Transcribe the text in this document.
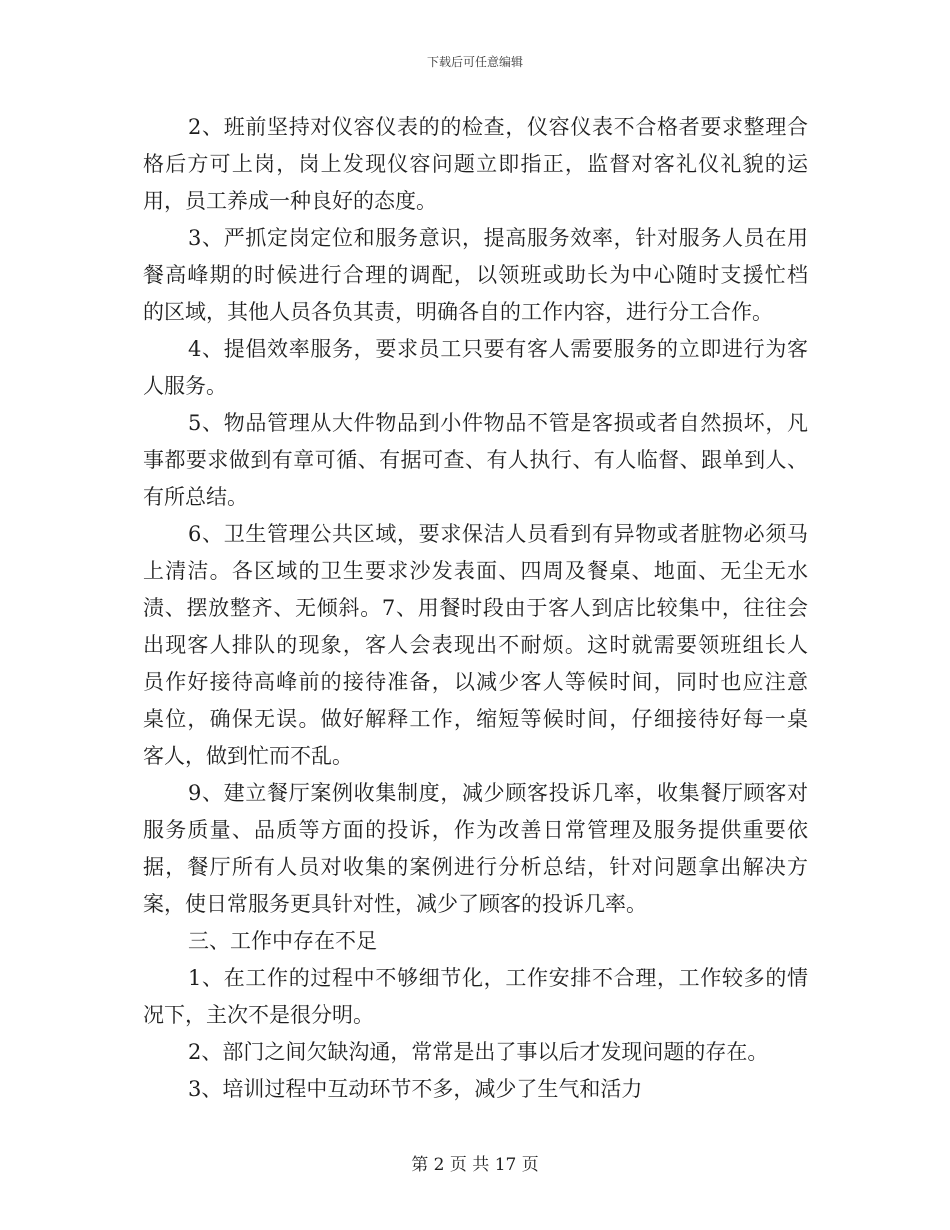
下载后可任意编辑
2、班前坚持对仪容仪表的的检查，仪容仪表不合格者要求整理合
格后方可上岗，岗上发现仪容问题立即指正，监督对客礼仪礼貌的运
用，员工养成一种良好的态度。
3、严抓定岗定位和服务意识，提高服务效率，针对服务人员在用
餐高峰期的时候进行合理的调配，以领班或助长为中心随时支援忙档
的区域，其他人员各负其责，明确各自的工作内容，进行分工合作。
4、提倡效率服务，要求员工只要有客人需要服务的立即进行为客
人服务。
5、物品管理从大件物品到小件物品不管是客损或者自然损坏，凡
事都要求做到有章可循、有据可查、有人执行、有人临督、跟单到人、
有所总结。
6、卫生管理公共区域，要求保洁人员看到有异物或者脏物必须马
上清洁。各区域的卫生要求沙发表面、四周及餐桌、地面、无尘无水
渍、摆放整齐、无倾斜。7、用餐时段由于客人到店比较集中，往往会
出现客人排队的现象，客人会表现出不耐烦。这时就需要领班组长人
员作好接待高峰前的接待准备，以减少客人等候时间，同时也应注意
桌位，确保无误。做好解释工作，缩短等候时间，仔细接待好每一桌
客人，做到忙而不乱。
9、建立餐厅案例收集制度，减少顾客投诉几率，收集餐厅顾客对
服务质量、品质等方面的投诉，作为改善日常管理及服务提供重要依
据，餐厅所有人员对收集的案例进行分析总结，针对问题拿出解决方
案，使日常服务更具针对性，减少了顾客的投诉几率。
三、工作中存在不足
1、在工作的过程中不够细节化，工作安排不合理，工作较多的情
况下，主次不是很分明。
2、部门之间欠缺沟通，常常是出了事以后才发现问题的存在。
3、培训过程中互动环节不多，减少了生气和活力
第 2 页 共 17 页
